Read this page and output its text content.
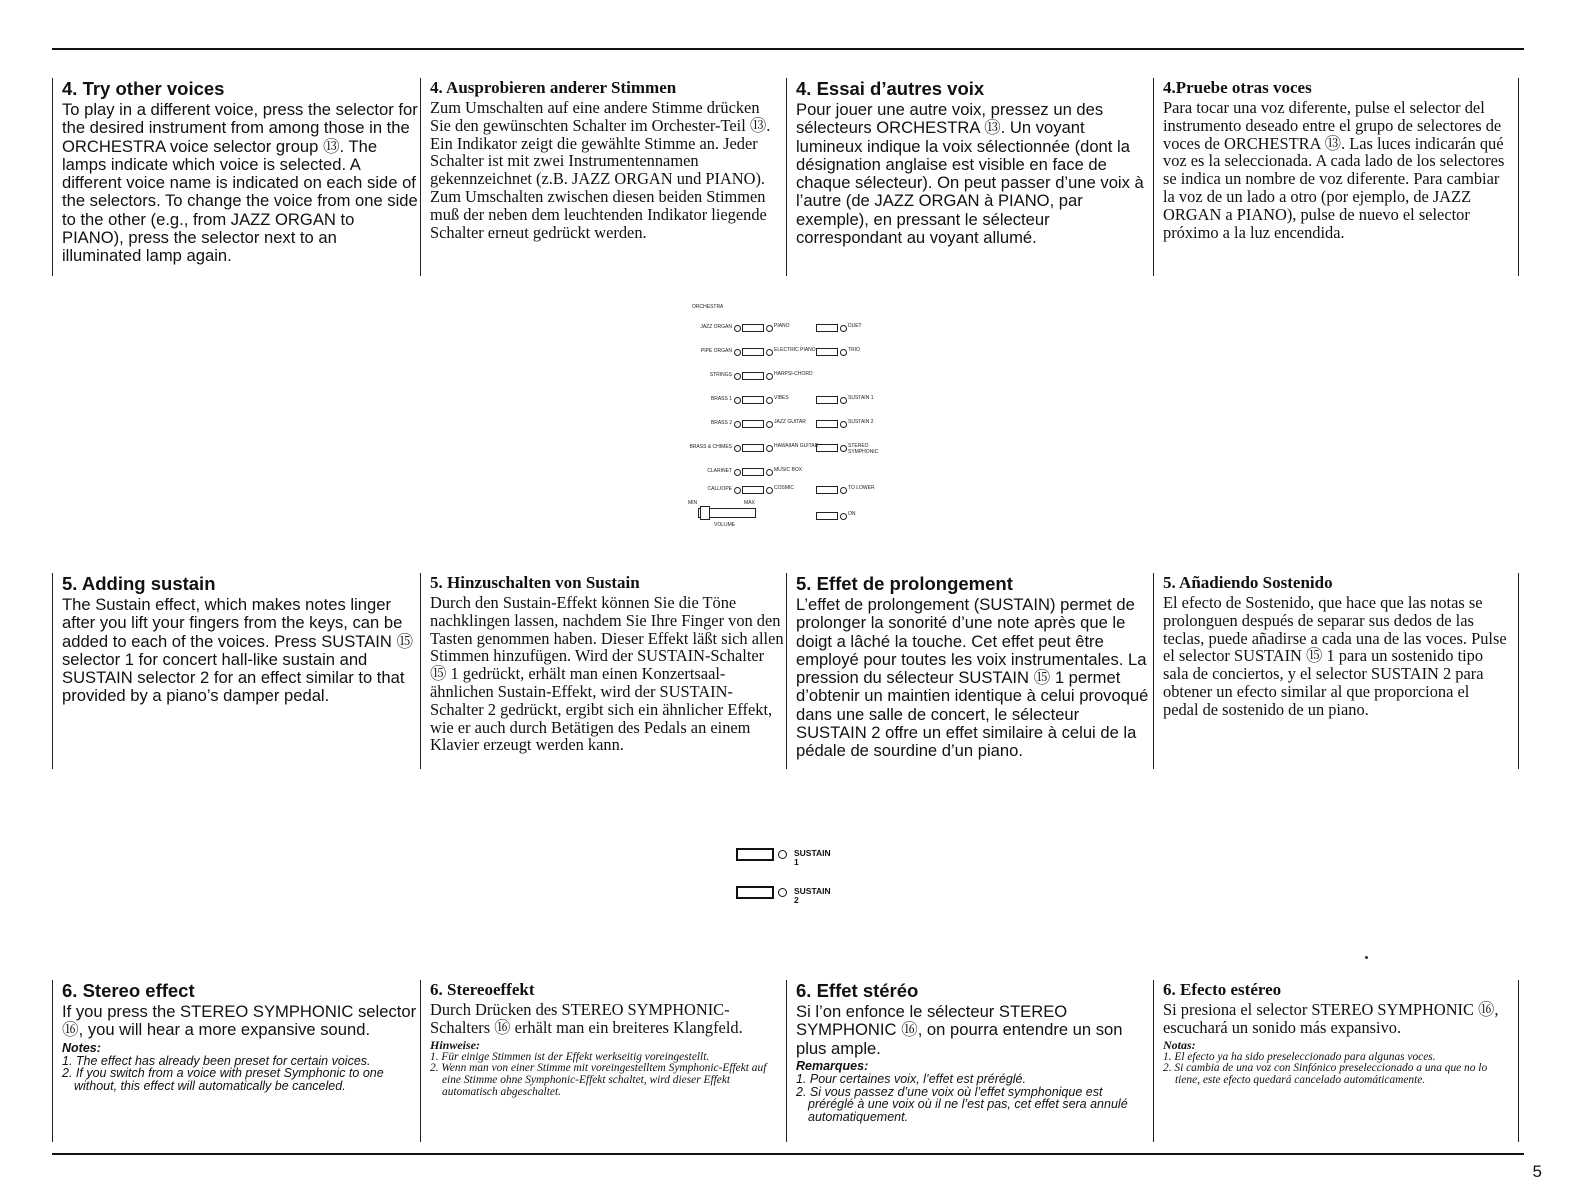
4. Try other voices

To play in a different voice, press the selector for the desired instrument from among those in the ORCHESTRA voice selector group ⑬. The lamps indicate which voice is selected. A different voice name is indicated on each side of the selectors. To change the voice from one side to the other (e.g., from JAZZ ORGAN to PIANO), press the selector next to an illuminated lamp again.

4. Ausprobieren anderer Stimmen

Zum Umschalten auf eine andere Stimme drücken Sie den gewünschten Schalter im Orchester-Teil ⑬. Ein Indikator zeigt die gewählte Stimme an. Jeder Schalter ist mit zwei Instrumentennamen gekennzeichnet (z.B. JAZZ ORGAN und PIANO). Zum Umschalten zwischen diesen beiden Stimmen muß der neben dem leuchtenden Indikator liegende Schalter erneut gedrückt werden.

4. Essai d’autres voix

Pour jouer une autre voix, pressez un des sélecteurs ORCHESTRA ⑬. Un voyant lumineux indique la voix sélectionnée (dont la désignation anglaise est visible en face de chaque sélecteur). On peut passer d’une voix à l’autre (de JAZZ ORGAN à PIANO, par exemple), en pressant le sélecteur correspondant au voyant allumé.

4.Pruebe otras voces

Para tocar una voz diferente, pulse el selector del instrumento deseado entre el grupo de selectores de voces de ORCHESTRA ⑬. Las luces indicarán qué voz es la seleccionada. A cada lado de los selectores se indica un nombre de voz diferente. Para cambiar la voz de un lado a otro (por ejemplo, de JAZZ ORGAN a PIANO), pulse de nuevo el selector próximo a la luz encendida.

ORCHESTRA
JAZZ ORGAN	PIANO	DUET
PIPE ORGAN	ELECTRIC PIANO	TRIO
STRINGS	HARPSI-CHORD
BRASS 1	VIBES	SUSTAIN 1
BRASS 2	JAZZ GUITAR	SUSTAIN 2
BRASS & CHIMES	HAWAIIAN GUITAR	STEREO SYMPHONIC
CLARINET	MUSIC BOX
CALLIOPE	COSMIC	TO LOWER
MIN	MAX
VOLUME
ON
5. Adding sustain

The Sustain effect, which makes notes linger after you lift your fingers from the keys, can be added to each of the voices. Press SUSTAIN ⑮ selector 1 for concert hall-like sustain and SUSTAIN selector 2 for an effect similar to that provided by a piano’s damper pedal.

5. Hinzuschalten von Sustain

Durch den Sustain-Effekt können Sie die Töne nachklingen lassen, nachdem Sie Ihre Finger von den Tasten genommen haben. Dieser Effekt läßt sich allen Stimmen hinzufügen. Wird der SUSTAIN-Schalter ⑮ 1 gedrückt, erhält man einen Konzertsaal-ähnlichen Sustain-Effekt, wird der SUSTAIN-Schalter 2 gedrückt, ergibt sich ein ähnlicher Effekt, wie er auch durch Betätigen des Pedals an einem Klavier erzeugt werden kann.

5. Effet de prolongement

L’effet de prolongement (SUSTAIN) permet de prolonger la sonorité d’une note après que le doigt a lâché la touche. Cet effet peut être employé pour toutes les voix instrumentales. La pression du sélecteur SUSTAIN ⑮ 1 permet d’obtenir un maintien identique à celui provoqué dans une salle de concert, le sélecteur SUSTAIN 2 offre un effet similaire à celui de la pédale de sourdine d’un piano.

5. Añadiendo Sostenido

El efecto de Sostenido, que hace que las notas se prolonguen después de separar sus dedos de las teclas, puede añadirse a cada una de las voces. Pulse el selector SUSTAIN ⑮ 1 para un sostenido tipo sala de conciertos, y el selector SUSTAIN 2 para obtener un efecto similar al que proporciona el pedal de sostenido de un piano.

SUSTAIN
1
SUSTAIN
2
6. Stereo effect

If you press the STEREO SYMPHONIC selector ⑯, you will hear a more expansive sound.

Notes:
1. The effect has already been preset for certain voices.
2. If you switch from a voice with preset Symphonic to one without, this effect will automatically be canceled.
6. Stereoeffekt

Durch Drücken des STEREO SYMPHONIC-Schalters ⑯ erhält man ein breiteres Klangfeld.

Hinweise:
1. Für einige Stimmen ist der Effekt werkseitig voreingestellt.
2. Wenn man von einer Stimme mit voreingestelltem Symphonic-Effekt auf eine Stimme ohne Symphonic-Effekt schaltet, wird dieser Effekt automatisch abgeschaltet.
6. Effet stéréo

Si l’on enfonce le sélecteur STEREO SYMPHONIC ⑯, on pourra entendre un son plus ample.

Remarques:
1. Pour certaines voix, l’effet est préréglé.
2. Si vous passez d’une voix où l’effet symphonique est préréglé à une voix où il ne l’est pas, cet effet sera annulé automatiquement.
6. Efecto estéreo

Si presiona el selector STEREO SYMPHONIC ⑯, escuchará un sonido más expansivo.

Notas:
1. El efecto ya ha sido preseleccionado para algunas voces.
2. Si cambia de una voz con Sinfónico preseleccionado a una que no lo tiene, este efecto quedará cancelado automáticamente.
5
